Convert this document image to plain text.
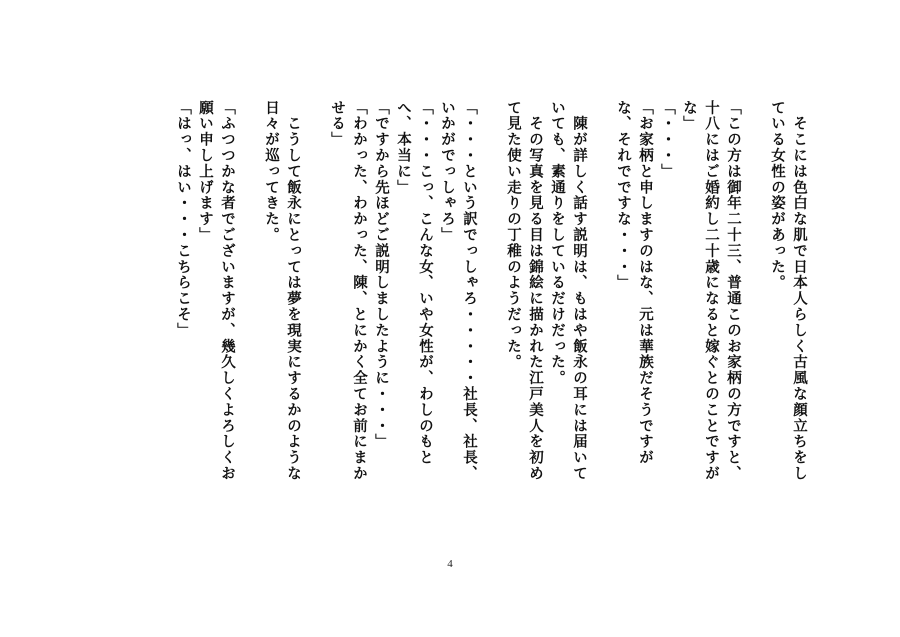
　そこには色白な肌で日本人らしく古風な顔立ちをし
ている女性の姿があった。
「この方は御年二十三、普通このお家柄の方ですと、
十八にはご婚約し二十歳になると嫁ぐとのことですが
な」
「・・・」
「お家柄と申しますのはな、元は華族だそうですが
な、それでですな・・・」
　陳が詳しく話す説明は、もはや飯永の耳には届いて
いても、素通りをしているだけだった。
　その写真を見る目は錦絵に描かれた江戸美人を初め
て見た使い走りの丁稚のようだった。
「・・・という訳でっしゃろ・・・・・社長、社長、
いかがでっしゃろ」
「・・・こっ、こんな女、いや女性が、わしのもと
へ、本当に」
「ですから先ほどご説明しましたように・・・」
「わかった、わかった、陳、とにかく全てお前にまか
せる」
　こうして飯永にとっては夢を現実にするかのような
日々が巡ってきた。
「ふつつかな者でございますが、幾久しくよろしくお
願い申し上げます」
「はっ、はい・・・こちらこそ」
4
